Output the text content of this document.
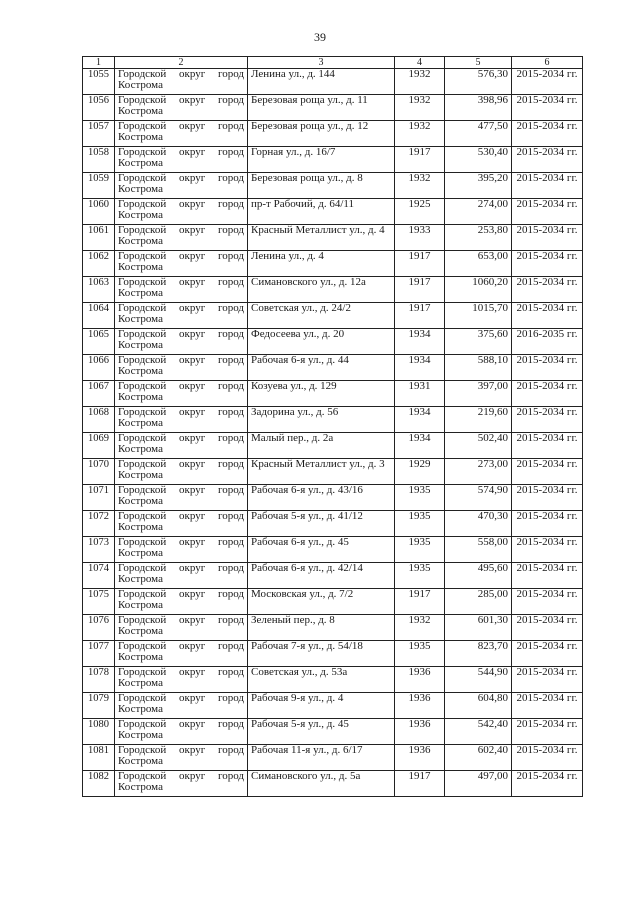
39
1	2	3	4	5	6
1055	Городской округ город Кострома	Ленина ул., д. 144	1932	576,30	2015-2034 гг.
1056	Городской округ город Кострома	Березовая роща ул., д. 11	1932	398,96	2015-2034 гг.
1057	Городской округ город Кострома	Березовая роща ул., д. 12	1932	477,50	2015-2034 гг.
1058	Городской округ город Кострома	Горная ул., д. 16/7	1917	530,40	2015-2034 гг.
1059	Городской округ город Кострома	Березовая роща ул., д. 8	1932	395,20	2015-2034 гг.
1060	Городской округ город Кострома	пр-т Рабочий, д. 64/11	1925	274,00	2015-2034 гг.
1061	Городской округ город Кострома	Красный Металлист ул., д. 4	1933	253,80	2015-2034 гг.
1062	Городской округ город Кострома	Ленина ул., д. 4	1917	653,00	2015-2034 гг.
1063	Городской округ город Кострома	Симановского ул., д. 12а	1917	1060,20	2015-2034 гг.
1064	Городской округ город Кострома	Советская ул., д. 24/2	1917	1015,70	2015-2034 гг.
1065	Городской округ город Кострома	Федосеева ул., д. 20	1934	375,60	2016-2035 гг.
1066	Городской округ город Кострома	Рабочая 6-я ул., д. 44	1934	588,10	2015-2034 гг.
1067	Городской округ город Кострома	Козуева ул., д. 129	1931	397,00	2015-2034 гг.
1068	Городской округ город Кострома	Задорина ул., д. 56	1934	219,60	2015-2034 гг.
1069	Городской округ город Кострома	Малый пер., д. 2а	1934	502,40	2015-2034 гг.
1070	Городской округ город Кострома	Красный Металлист ул., д. 3	1929	273,00	2015-2034 гг.
1071	Городской округ город Кострома	Рабочая 6-я ул., д. 43/16	1935	574,90	2015-2034 гг.
1072	Городской округ город Кострома	Рабочая 5-я ул., д. 41/12	1935	470,30	2015-2034 гг.
1073	Городской округ город Кострома	Рабочая 6-я ул., д. 45	1935	558,00	2015-2034 гг.
1074	Городской округ город Кострома	Рабочая 6-я ул., д. 42/14	1935	495,60	2015-2034 гг.
1075	Городской округ город Кострома	Московская ул., д. 7/2	1917	285,00	2015-2034 гг.
1076	Городской округ город Кострома	Зеленый пер., д. 8	1932	601,30	2015-2034 гг.
1077	Городской округ город Кострома	Рабочая 7-я ул., д. 54/18	1935	823,70	2015-2034 гг.
1078	Городской округ город Кострома	Советская ул., д. 53а	1936	544,90	2015-2034 гг.
1079	Городской округ город Кострома	Рабочая 9-я ул., д. 4	1936	604,80	2015-2034 гг.
1080	Городской округ город Кострома	Рабочая 5-я ул., д. 45	1936	542,40	2015-2034 гг.
1081	Городской округ город Кострома	Рабочая 11-я ул., д. 6/17	1936	602,40	2015-2034 гг.
1082	Городской округ город Кострома	Симановского ул., д. 5а	1917	497,00	2015-2034 гг.
